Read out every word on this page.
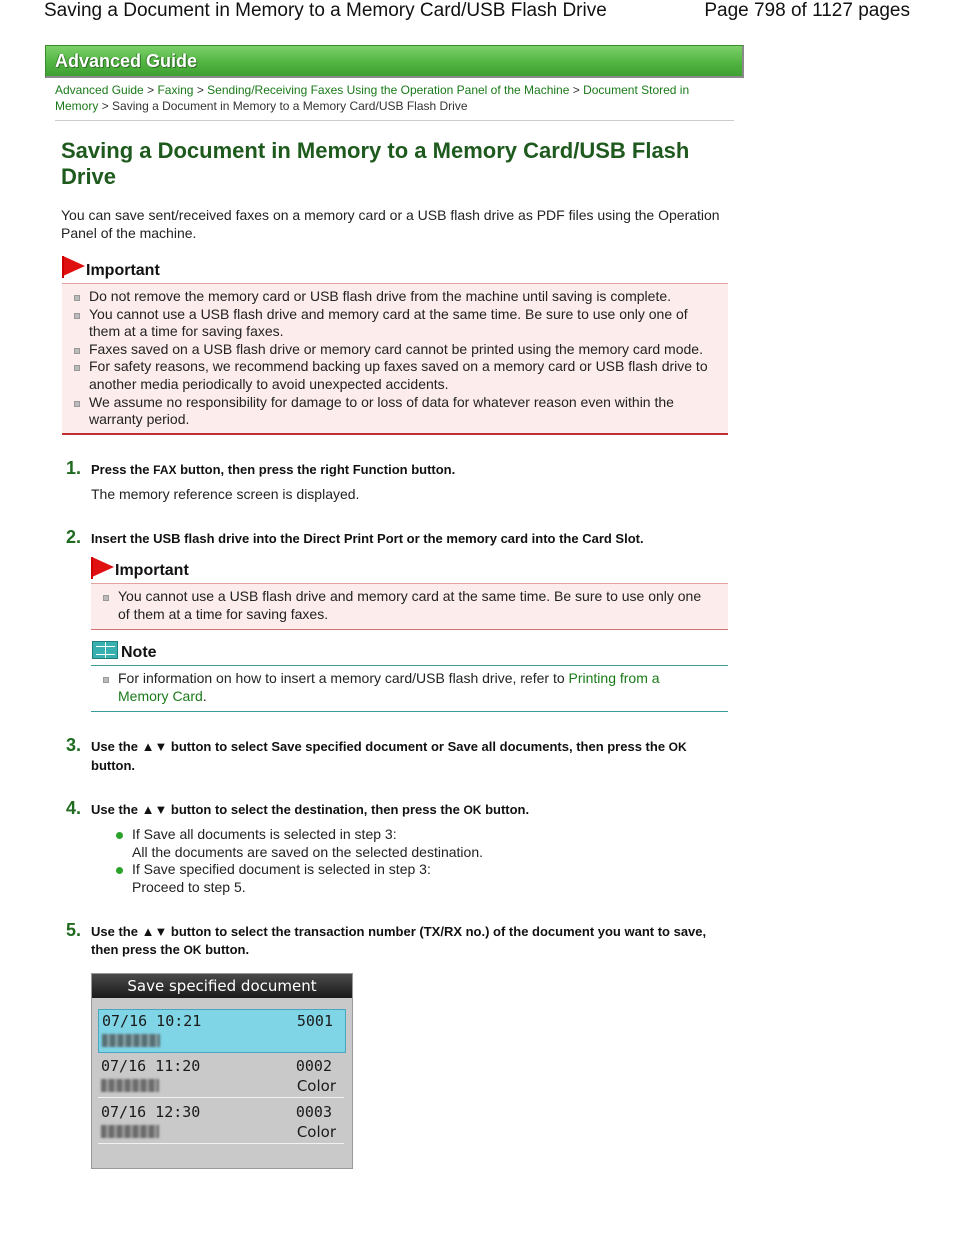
Saving a Document in Memory to a Memory Card/USB Flash Drive	Page 798 of 1127 pages
Advanced Guide
Advanced Guide > Faxing > Sending/Receiving Faxes Using the Operation Panel of the Machine > Document Stored in Memory > Saving a Document in Memory to a Memory Card/USB Flash Drive
Saving a Document in Memory to a Memory Card/USB Flash Drive
You can save sent/received faxes on a memory card or a USB flash drive as PDF files using the Operation Panel of the machine.
Important
Do not remove the memory card or USB flash drive from the machine until saving is complete.
You cannot use a USB flash drive and memory card at the same time. Be sure to use only one of them at a time for saving faxes.
Faxes saved on a USB flash drive or memory card cannot be printed using the memory card mode.
For safety reasons, we recommend backing up faxes saved on a memory card or USB flash drive to another media periodically to avoid unexpected accidents.
We assume no responsibility for damage to or loss of data for whatever reason even within the warranty period.
1. Press the FAX button, then press the right Function button.
The memory reference screen is displayed.
2. Insert the USB flash drive into the Direct Print Port or the memory card into the Card Slot.
Important
You cannot use a USB flash drive and memory card at the same time. Be sure to use only one of them at a time for saving faxes.
Note
For information on how to insert a memory card/USB flash drive, refer to Printing from a Memory Card.
3. Use the ▲▼ button to select Save specified document or Save all documents, then press the OK button.
4. Use the ▲▼ button to select the destination, then press the OK button.
If Save all documents is selected in step 3:
All the documents are saved on the selected destination.
If Save specified document is selected in step 3:
Proceed to step 5.
5. Use the ▲▼ button to select the transaction number (TX/RX no.) of the document you want to save, then press the OK button.
Save specified document
07/16 10:21	5001
07/16 11:20	0002
Color
07/16 12:30	0003
Color
